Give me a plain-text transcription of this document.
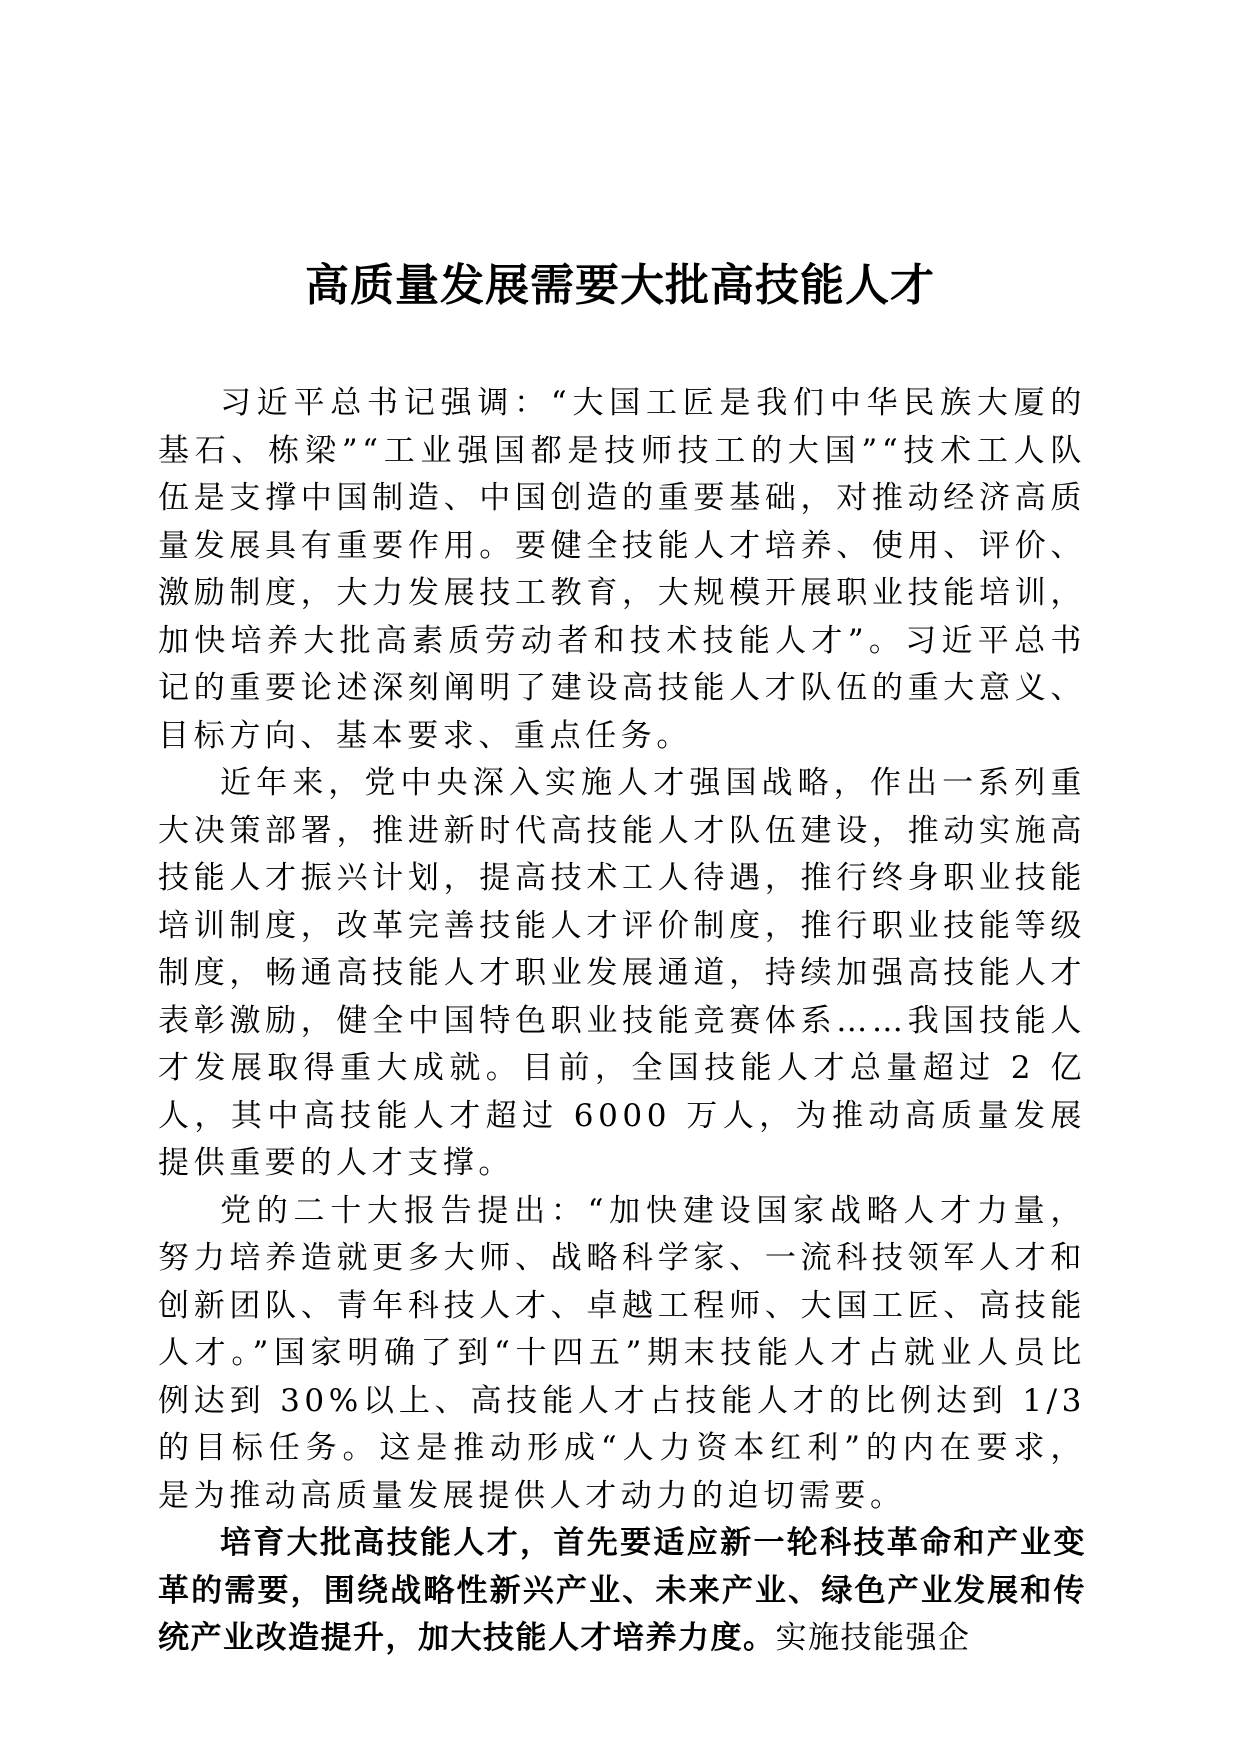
高质量发展需要大批高技能人才

习近平总书记强调：“大国工匠是我们中华民族大厦的基石、栋梁”“工业强国都是技师技工的大国”“技术工人队伍是支撑中国制造、中国创造的重要基础，对推动经济高质量发展具有重要作用。要健全技能人才培养、使用、评价、激励制度，大力发展技工教育，大规模开展职业技能培训，加快培养大批高素质劳动者和技术技能人才”。习近平总书记的重要论述深刻阐明了建设高技能人才队伍的重大意义、目标方向、基本要求、重点任务。

近年来，党中央深入实施人才强国战略，作出一系列重大决策部署，推进新时代高技能人才队伍建设，推动实施高技能人才振兴计划，提高技术工人待遇，推行终身职业技能培训制度，改革完善技能人才评价制度，推行职业技能等级制度，畅通高技能人才职业发展通道，持续加强高技能人才表彰激励，健全中国特色职业技能竞赛体系……我国技能人才发展取得重大成就。目前，全国技能人才总量超过 2 亿人，其中高技能人才超过 6000 万人，为推动高质量发展提供重要的人才支撑。

党的二十大报告提出：“加快建设国家战略人才力量，努力培养造就更多大师、战略科学家、一流科技领军人才和创新团队、青年科技人才、卓越工程师、大国工匠、高技能人才。”国家明确了到“十四五”期末技能人才占就业人员比例达到 30%以上、高技能人才占技能人才的比例达到 1/3 的目标任务。这是推动形成“人力资本红利”的内在要求，是为推动高质量发展提供人才动力的迫切需要。

培育大批高技能人才，首先要适应新一轮科技革命和产业变革的需要，围绕战略性新兴产业、未来产业、绿色产业发展和传统产业改造提升，加大技能人才培养力度。实施技能强企
